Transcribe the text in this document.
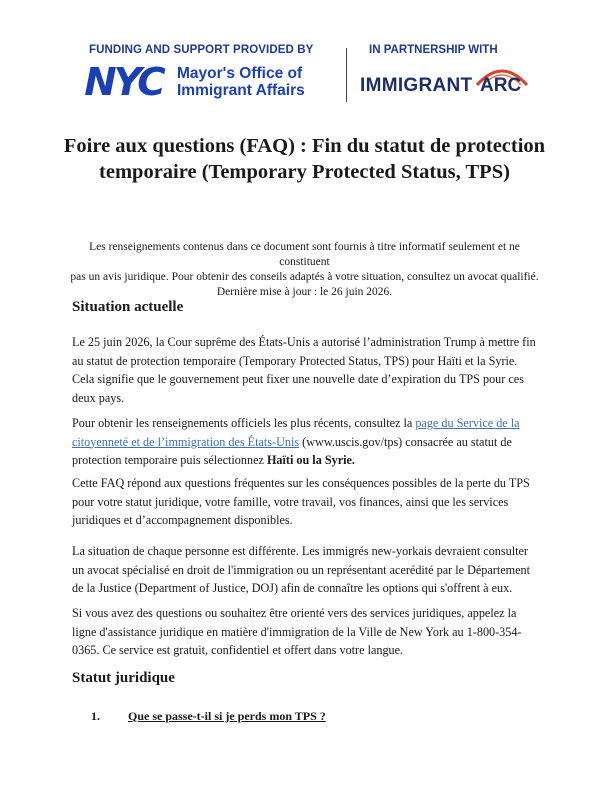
FUNDING AND SUPPORT PROVIDED BY
NYC Mayor's Office of
Immigrant Affairs
IN PARTNERSHIP WITH
IMMIGRANT ARC
Foire aux questions (FAQ) : Fin du statut de protection temporaire (Temporary Protected Status, TPS)
Les renseignements contenus dans ce document sont fournis à titre informatif seulement et ne constituent
pas un avis juridique. Pour obtenir des conseils adaptés à votre situation, consultez un avocat qualifié.
Dernière mise à jour : le 26 juin 2026.
Situation actuelle

Le 25 juin 2026, la Cour suprême des États-Unis a autorisé l’administration Trump à mettre fin au statut de protection temporaire (Temporary Protected Status, TPS) pour Haïti et la Syrie. Cela signifie que le gouvernement peut fixer une nouvelle date d’expiration du TPS pour ces deux pays.

Pour obtenir les renseignements officiels les plus récents, consultez la page du Service de la citoyenneté et de l’immigration des États-Unis (www.uscis.gov/tps) consacrée au statut de protection temporaire puis sélectionnez Haïti ou la Syrie.

Cette FAQ répond aux questions fréquentes sur les conséquences possibles de la perte du TPS pour votre statut juridique, votre famille, votre travail, vos finances, ainsi que les services juridiques et d’accompagnement disponibles.

La situation de chaque personne est différente. Les immigrés new-yorkais devraient consulter un avocat spécialisé en droit de l'immigration ou un représentant acerédité par le Département de la Justice (Department of Justice, DOJ) afin de connaître les options qui s'offrent à eux.

Si vous avez des questions ou souhaitez être orienté vers des services juridiques, appelez la ligne d'assistance juridique en matière d'immigration de la Ville de New York au 1-800-354-0365. Ce service est gratuit, confidentiel et offert dans votre langue.

Statut juridique
1. Que se passe-t-il si je perds mon TPS ?
